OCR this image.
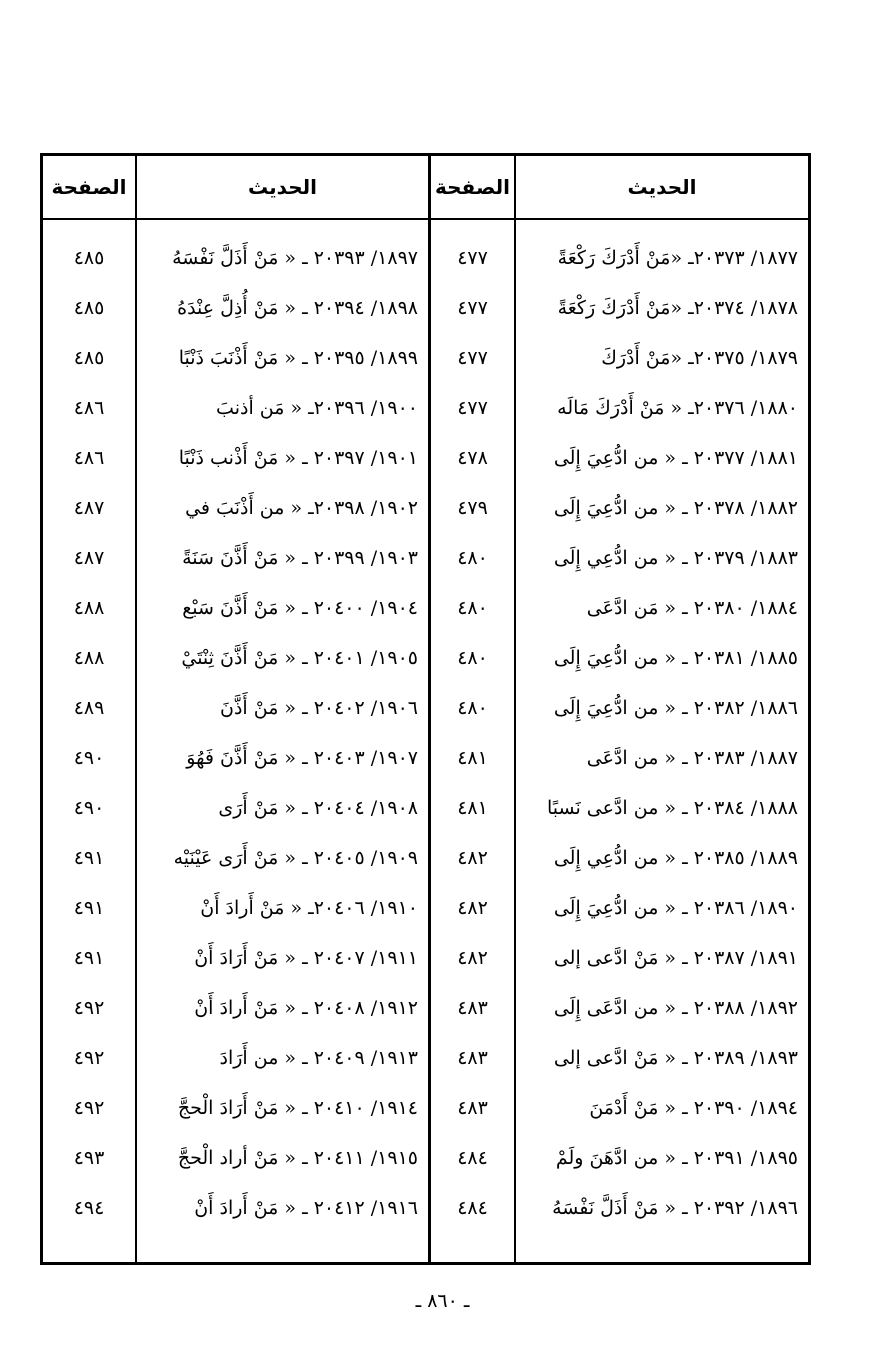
الصفحة
٤٨٥
٤٨٥
٤٨٥
٤٨٦
٤٨٦
٤٨٧
٤٨٧
٤٨٨
٤٨٨
٤٨٩
٤٩٠
٤٩٠
٤٩١
٤٩١
٤٩١
٤٩٢
٤٩٢
٤٩٢
٤٩٣
٤٩٤
الحديث
١٨٩٧/ ٢٠٣٩٣ ـ « مَنْ أَذَلَّ نَفْسَهُ
١٨٩٨/ ٢٠٣٩٤ ـ « مَنْ أُذِلَّ عِنْدَهُ
١٨٩٩/ ٢٠٣٩٥ ـ « مَنْ أَذْنَبَ ذَنْبًا
١٩٠٠/ ٢٠٣٩٦ـ « مَن أذنبَ
١٩٠١/ ٢٠٣٩٧ ـ « مَنْ أَذْنب ذَنْبًا
١٩٠٢/ ٢٠٣٩٨ـ « من أَذْنَبَ في
١٩٠٣/ ٢٠٣٩٩ ـ « مَنْ أَذَّنَ سَنَةً
١٩٠٤/ ٢٠٤٠٠ ـ « مَنْ أَذَّنَ سَبْع
١٩٠٥/ ٢٠٤٠١ ـ « مَنْ أَذَّنَ ثِنْتَيْ
١٩٠٦/ ٢٠٤٠٢ ـ « مَنْ أَذَّنَ
١٩٠٧/ ٢٠٤٠٣ ـ « مَنْ أَذَّنَ فَهُوَ
١٩٠٨/ ٢٠٤٠٤ ـ « مَنْ أَرَى
١٩٠٩/ ٢٠٤٠٥ ـ « مَنْ أَرَى عَيْنَيْه
١٩١٠/ ٢٠٤٠٦ـ « مَنْ أَرادَ أَنْ
١٩١١/ ٢٠٤٠٧ ـ « مَنْ أَرَادَ أَنْ
١٩١٢/ ٢٠٤٠٨ ـ « مَنْ أَرادَ أَنْ
١٩١٣/ ٢٠٤٠٩ ـ « من أَرَادَ
١٩١٤/ ٢٠٤١٠ ـ « مَنْ أَرَادَ الْحجَّ
١٩١٥/ ٢٠٤١١ ـ « مَنْ أراد الْحجَّ
١٩١٦/ ٢٠٤١٢ ـ « مَنْ أَرادَ أَنْ
الصفحة
٤٧٧
٤٧٧
٤٧٧
٤٧٧
٤٧٨
٤٧٩
٤٨٠
٤٨٠
٤٨٠
٤٨٠
٤٨١
٤٨١
٤٨٢
٤٨٢
٤٨٢
٤٨٣
٤٨٣
٤٨٣
٤٨٤
٤٨٤
الحديث
١٨٧٧/ ٢٠٣٧٣ـ «مَنْ أَدْرَكَ رَكْعَةً
١٨٧٨/ ٢٠٣٧٤ـ «مَنْ أَدْرَكَ رَكْعَةً
١٨٧٩/ ٢٠٣٧٥ـ «مَنْ أَدْرَكَ
١٨٨٠/ ٢٠٣٧٦ـ « مَنْ أَدْرَكَ مَالَه
١٨٨١/ ٢٠٣٧٧ ـ « من ادُّعِيَ إِلَى
١٨٨٢/ ٢٠٣٧٨ ـ « من ادُّعِيَ إِلَى
١٨٨٣/ ٢٠٣٧٩ ـ « من ادُّعِي إِلَى
١٨٨٤/ ٢٠٣٨٠ ـ « مَن ادَّعَى
١٨٨٥/ ٢٠٣٨١ ـ « من ادُّعِيَ إِلَى
١٨٨٦/ ٢٠٣٨٢ ـ « من ادُّعِيَ إِلَى
١٨٨٧/ ٢٠٣٨٣ ـ « من ادَّعَى
١٨٨٨/ ٢٠٣٨٤ ـ « من ادَّعى نَسبًا
١٨٨٩/ ٢٠٣٨٥ ـ « من ادُّعِي إِلَى
١٨٩٠/ ٢٠٣٨٦ ـ « من ادُّعِيَ إِلَى
١٨٩١/ ٢٠٣٨٧ ـ « مَنْ ادَّعى إلى
١٨٩٢/ ٢٠٣٨٨ ـ « من ادَّعَى إِلَى
١٨٩٣/ ٢٠٣٨٩ ـ « مَنْ ادَّعى إلى
١٨٩٤/ ٢٠٣٩٠ ـ « مَنْ أَدْمَنَ
١٨٩٥/ ٢٠٣٩١ ـ « من ادَّهَنَ ولَمْ
١٨٩٦/ ٢٠٣٩٢ ـ « مَنْ أَذَلَّ نَفْسَهُ
ـ ٨٦٠ ـ
